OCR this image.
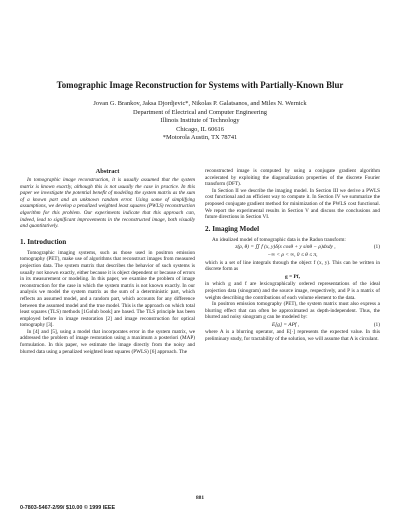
Tomographic Image Reconstruction for Systems with Partially-Known Blur
Jovan G. Brankov, Jaksa Djordjevic*, Nikolas P. Galatsanos, and Miles N. Wernick
Department of Electrical and Computer Engineering
Illinois Institute of Technology
Chicago, IL 60616
*Motorola Austin, TX 78741
Abstract

In tomographic image reconstruction, it is usually assumed that the system matrix is known exactly, although this is not usually the case in practice. In this paper we investigate the potential benefit of modeling the system matrix as the sum of a known part and an unknown random error. Using some of simplifying assumptions, we develop a penalized weighted least squares (PWLS) reconstruction algorithm for this problem. Our experiments indicate that this approach can, indeed, lead to significant improvements in the reconstructed image, both visually and quantitatively.

1. Introduction

Tomographic imaging systems, such as those used in positron emission tomography (PET), make use of algorithms that reconstruct images from measured projection data. The system matrix that describes the behavior of such systems is usually not known exactly, either because it is object dependent or because of errors in its measurement or modeling. In this paper, we examine the problem of image reconstruction for the case in which the system matrix is not known exactly. In our analysis we model the system matrix as the sum of a deterministic part, which reflects an assumed model, and a random part, which accounts for any difference between the assumed model and the true model. This is the approach on which total least squares (TLS) methods [1Golub book] are based. The TLS principle has been employed before in image restoration [2] and image reconstruction for optical tomography [3].

In [4] and [5], using a model that incorporates error in the system matrix, we addressed the problem of image restoration using a maximum a posteriori (MAP) formulation. In this paper, we estimate the image directly from the noisy and blurred data using a penalized weighted least squares (PWLS) [6] approach. The

reconstructed image is computed by using a conjugate gradient algorithm accelerated by exploiting the diagonalization properties of the discrete Fourier transform (DFT).

In Section II we describe the imaging model. In Section III we derive a PWLS cost functional and an efficient way to compute it. In Section IV we summarize the proposed conjugate gradient method for minimization of the PWLS cost functional. We report the experimental results in Section V and discuss the conclusions and future directions in Section VI.

2. Imaging Model

An idealized model of tomographic data is the Radon transform:

z(ρ, θ) = ∬ f (x, y)δ(x cosθ + y sinθ − ρ)dxdy ,	(1)
−∞ < ρ < ∞, 0 ≤ θ ≤ π,

which is a set of line integrals through the object f (x, y). This can be written in discrete form as

g = Pf,

in which g and f are lexicographically ordered representations of the ideal projection data (sinogram) and the source image, respectively, and P is a matrix of weights describing the contributions of each volume element to the data.

In positron emission tomography (PET), the system matrix must also express a blurring effect that can often be approximated as depth-independent. Thus, the blurred and noisy sinogram g can be modeled by:

E[g] = APf ,	(1)

where A is a blurring operator, and E[·] represents the expected value. In this preliminary study, for tractability of the solution, we will assume that A is circulant.

881
0-7803-5467-2/99/ $10.00 © 1999 IEEE
